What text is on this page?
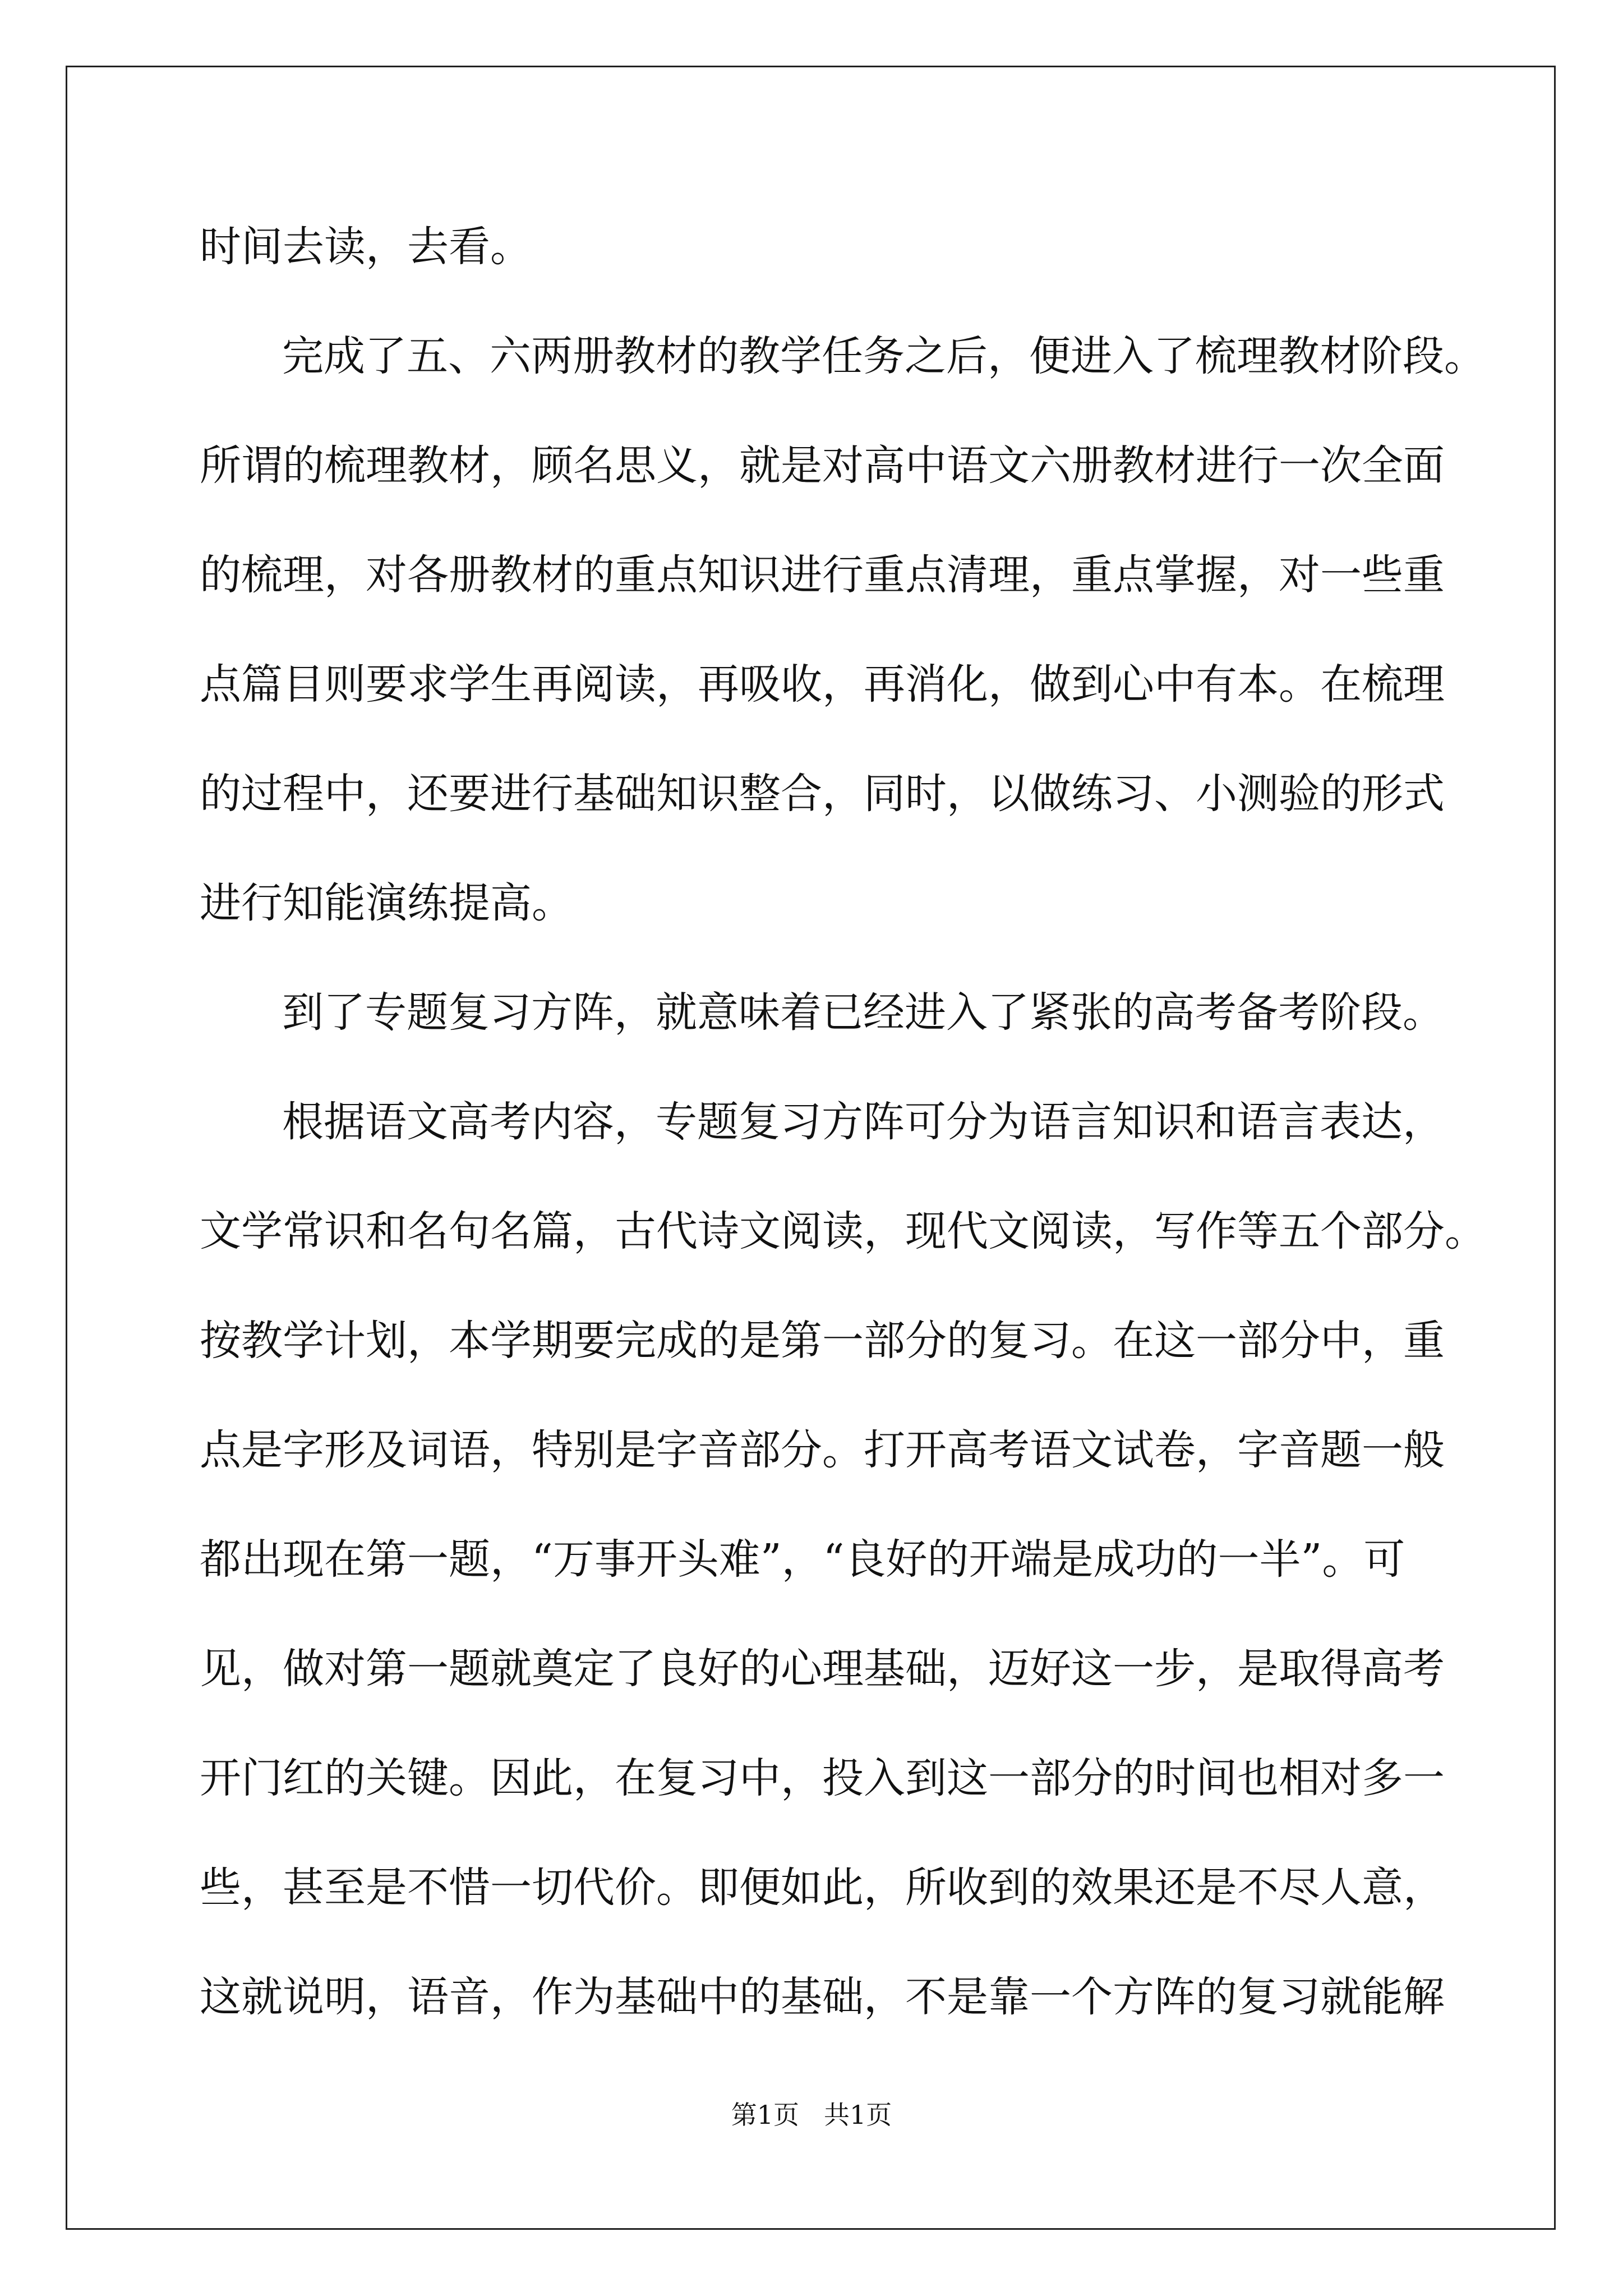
时间去读，去看。
完成了五、六两册教材的教学任务之后，便进入了梳理教材阶段。
所谓的梳理教材，顾名思义，就是对高中语文六册教材进行一次全面
的梳理，对各册教材的重点知识进行重点清理，重点掌握，对一些重
点篇目则要求学生再阅读，再吸收，再消化，做到心中有本。在梳理
的过程中，还要进行基础知识整合，同时，以做练习、小测验的形式
进行知能演练提高。
到了专题复习方阵，就意味着已经进入了紧张的高考备考阶段。
根据语文高考内容，专题复习方阵可分为语言知识和语言表达，
文学常识和名句名篇，古代诗文阅读，现代文阅读，写作等五个部分。
按教学计划，本学期要完成的是第一部分的复习。在这一部分中，重
点是字形及词语，特别是字音部分。打开高考语文试卷，字音题一般
都出现在第一题，“万事开头难”，“良好的开端是成功的一半”。可
见，做对第一题就奠定了良好的心理基础，迈好这一步，是取得高考
开门红的关键。因此，在复习中，投入到这一部分的时间也相对多一
些，甚至是不惜一切代价。即便如此，所收到的效果还是不尽人意，
这就说明，语音，作为基础中的基础，不是靠一个方阵的复习就能解
第1页 共1页
